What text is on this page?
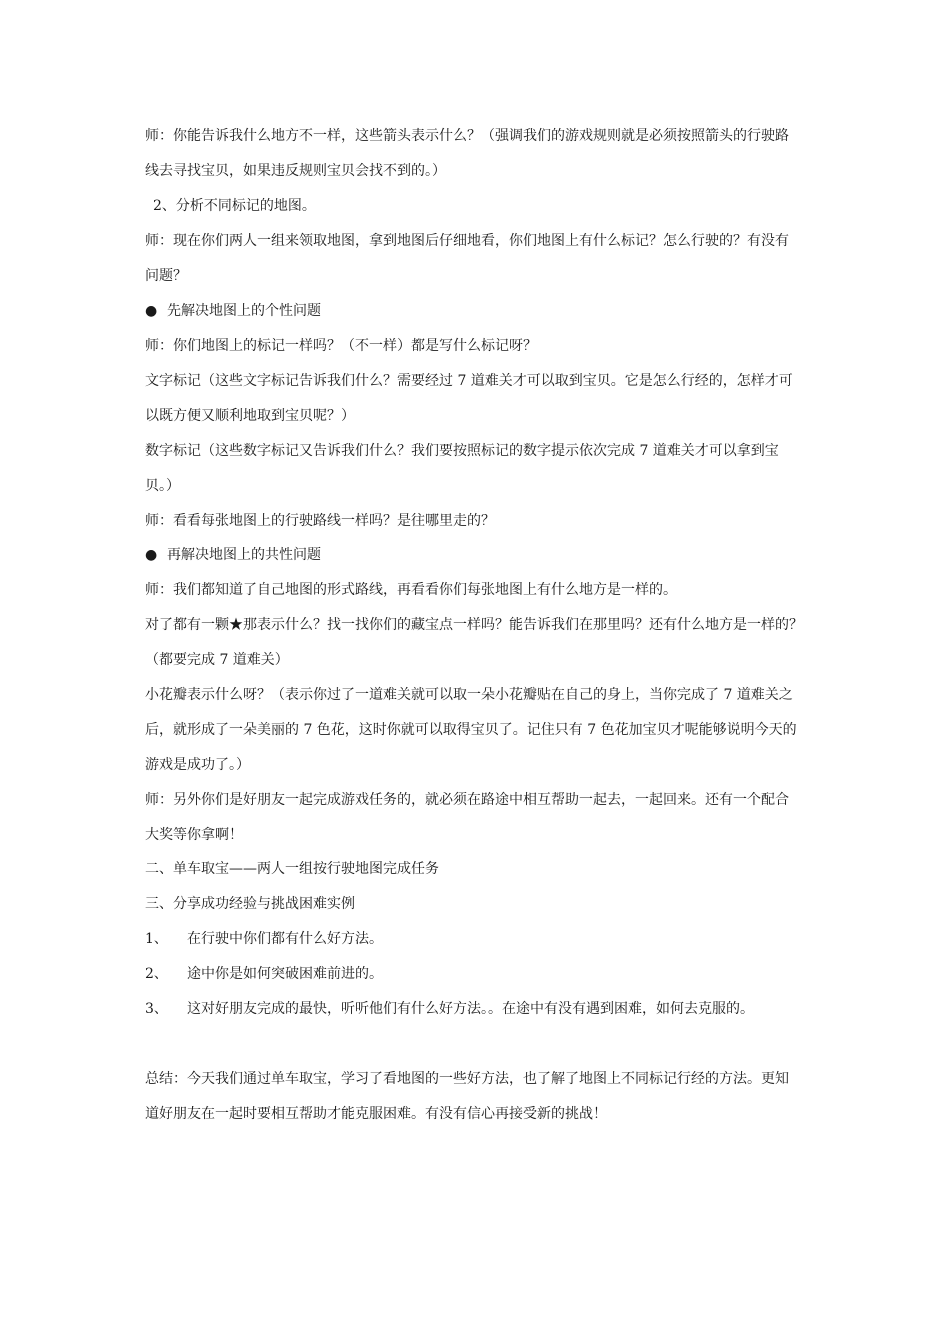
师：你能告诉我什么地方不一样，这些箭头表示什么？（强调我们的游戏规则就是必须按照箭头的行驶路
线去寻找宝贝，如果违反规则宝贝会找不到的。）
2、分析不同标记的地图。
师：现在你们两人一组来领取地图，拿到地图后仔细地看，你们地图上有什么标记？怎么行驶的？有没有
问题？
● 先解决地图上的个性问题
师：你们地图上的标记一样吗？（不一样）都是写什么标记呀？
文字标记（这些文字标记告诉我们什么？需要经过 7 道难关才可以取到宝贝。它是怎么行经的，怎样才可
以既方便又顺利地取到宝贝呢？）
数字标记（这些数字标记又告诉我们什么？我们要按照标记的数字提示依次完成 7 道难关才可以拿到宝
贝。）
师：看看每张地图上的行驶路线一样吗？是往哪里走的？
● 再解决地图上的共性问题
师：我们都知道了自己地图的形式路线，再看看你们每张地图上有什么地方是一样的。
对了都有一颗★那表示什么？找一找你们的藏宝点一样吗？能告诉我们在那里吗？还有什么地方是一样的？
（都要完成 7 道难关）
小花瓣表示什么呀？（表示你过了一道难关就可以取一朵小花瓣贴在自己的身上，当你完成了 7 道难关之
后，就形成了一朵美丽的 7 色花，这时你就可以取得宝贝了。记住只有 7 色花加宝贝才呢能够说明今天的
游戏是成功了。）
师：另外你们是好朋友一起完成游戏任务的，就必须在路途中相互帮助一起去，一起回来。还有一个配合
大奖等你拿啊！
二、单车取宝——两人一组按行驶地图完成任务
三、分享成功经验与挑战困难实例
1、 在行驶中你们都有什么好方法。
2、 途中你是如何突破困难前进的。
3、 这对好朋友完成的最快，听听他们有什么好方法。。在途中有没有遇到困难，如何去克服的。
总结：今天我们通过单车取宝，学习了看地图的一些好方法，也了解了地图上不同标记行经的方法。更知
道好朋友在一起时要相互帮助才能克服困难。有没有信心再接受新的挑战！
